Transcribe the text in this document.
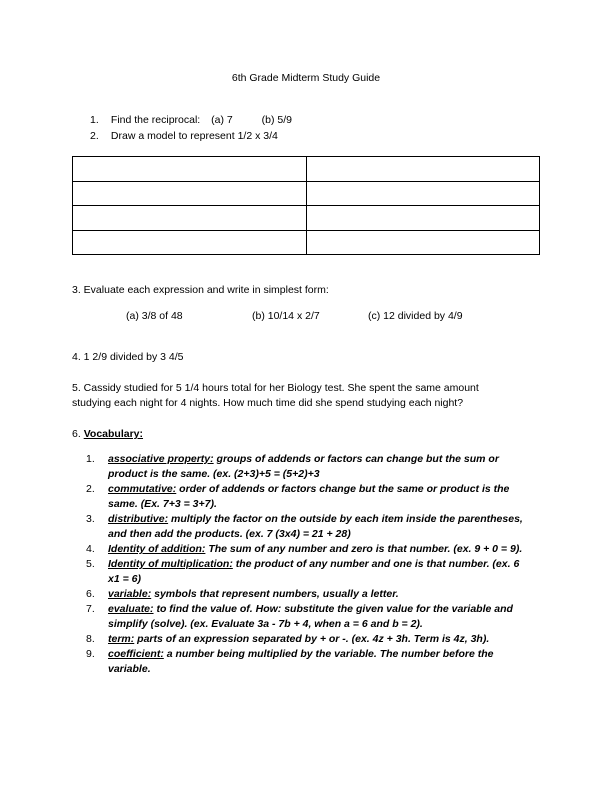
6th Grade Midterm Study Guide
1. Find the reciprocal: (a) 7	(b) 5/9
2. Draw a model to represent 1/2 x 3/4

3. Evaluate each expression and write in simplest form:
(a) 3/8 of 48	(b) 10/14 x 2/7	(c) 12 divided by 4/9
4. 1 2/9 divided by 3 4/5
5. Cassidy studied for 5 1/4 hours total for her Biology test. She spent the same amount
studying each night for 4 nights. How much time did she spend studying each night?
6. Vocabulary:
1.	associative property: groups of addends or factors can change but the sum or product is the same. (ex. (2+3)+5 = (5+2)+3
2.	commutative: order of addends or factors change but the same or product is the same. (Ex. 7+3 = 3+7).
3.	distributive: multiply the factor on the outside by each item inside the parentheses, and then add the products. (ex. 7 (3x4) = 21 + 28)
4.	Identity of addition: The sum of any number and zero is that number. (ex. 9 + 0 = 9).
5.	Identity of multiplication: the product of any number and one is that number. (ex. 6 x1 = 6)
6.	variable: symbols that represent numbers, usually a letter.
7.	evaluate: to find the value of. How: substitute the given value for the variable and simplify (solve). (ex. Evaluate 3a - 7b + 4, when a = 6 and b = 2).
8.	term: parts of an expression separated by + or -. (ex. 4z + 3h. Term is 4z, 3h).
9.	coefficient: a number being multiplied by the variable. The number before the variable.
